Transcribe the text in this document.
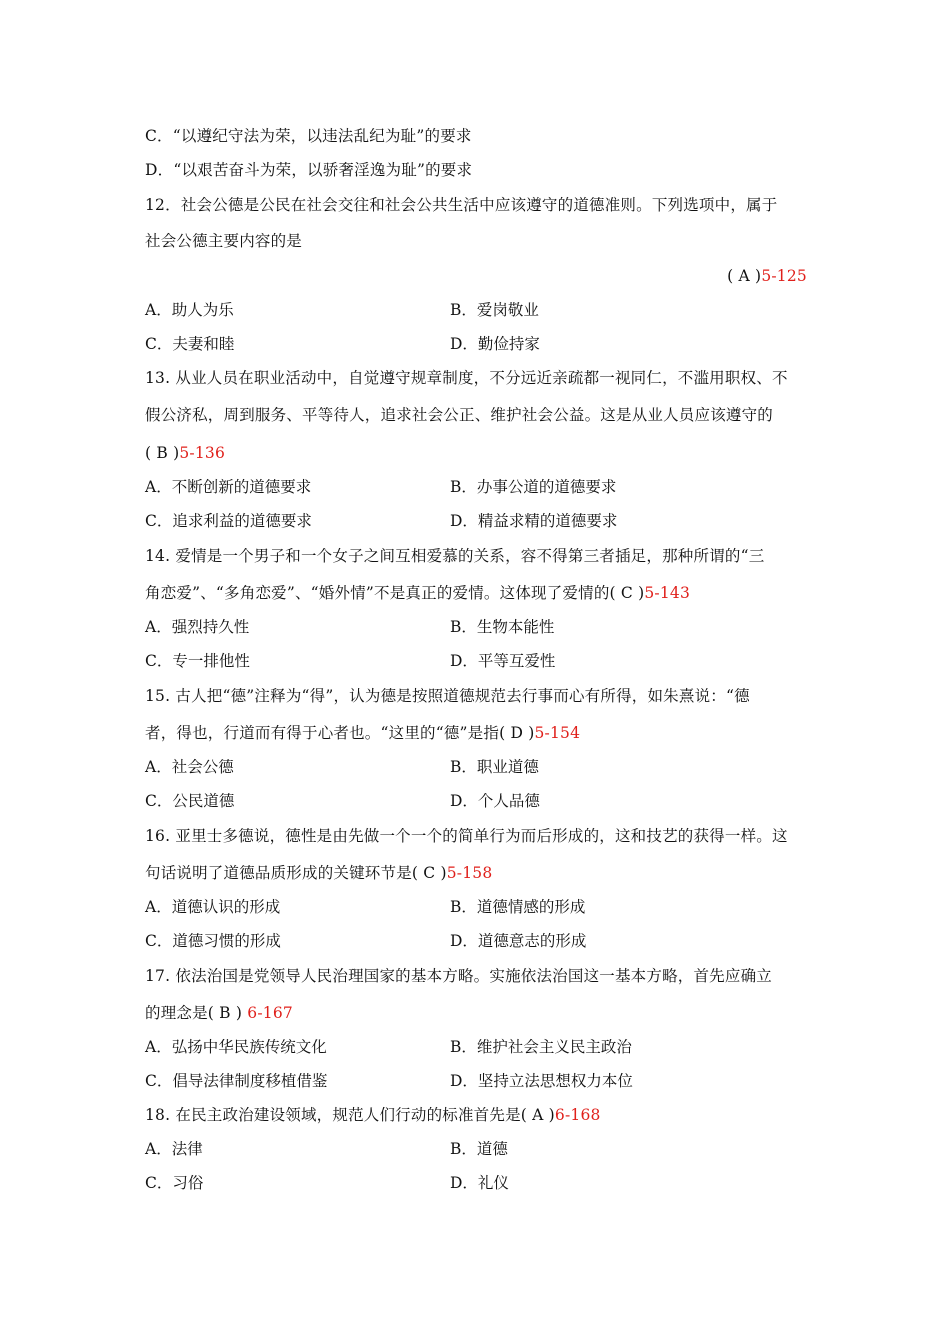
C．“以遵纪守法为荣，以违法乱纪为耻”的要求
D．“以艰苦奋斗为荣，以骄奢淫逸为耻”的要求
12．社会公德是公民在社会交往和社会公共生活中应该遵守的道德准则。下列选项中，属于
社会公德主要内容的是
( A )5-125
A．助人为乐	B．爱岗敬业
C．夫妻和睦	D．勤俭持家
13. 从业人员在职业活动中，自觉遵守规章制度，不分远近亲疏都一视同仁，不滥用职权、不
假公济私，周到服务、平等待人，追求社会公正、维护社会公益。这是从业人员应该遵守的
( B )5-136
A．不断创新的道德要求	B．办事公道的道德要求
C．追求利益的道德要求	D．精益求精的道德要求
14. 爱情是一个男子和一个女子之间互相爱慕的关系，容不得第三者插足，那种所谓的“三
角恋爱”、“多角恋爱”、“婚外情”不是真正的爱情。这体现了爱情的( C )5-143
A．强烈持久性	B．生物本能性
C．专一排他性	D．平等互爱性
15. 古人把“德”注释为“得”，认为德是按照道德规范去行事而心有所得，如朱熹说：“德
者，得也，行道而有得于心者也。“这里的“德”是指( D )5-154
A．社会公德	B．职业道德
C．公民道德	D．个人品德
16. 亚里士多德说，德性是由先做一个一个的简单行为而后形成的，这和技艺的获得一样。这
句话说明了道德品质形成的关键环节是( C )5-158
A．道德认识的形成	B．道德情感的形成
C．道德习惯的形成	D．道德意志的形成
17. 依法治国是党领导人民治理国家的基本方略。实施依法治国这一基本方略，首先应确立
的理念是( B ) 6-167
A．弘扬中华民族传统文化	B．维护社会主义民主政治
C．倡导法律制度移植借鉴	D．坚持立法思想权力本位
18. 在民主政治建设领域，规范人们行动的标准首先是( A )6-168
A．法律	B．道德
C．习俗	D．礼仪
